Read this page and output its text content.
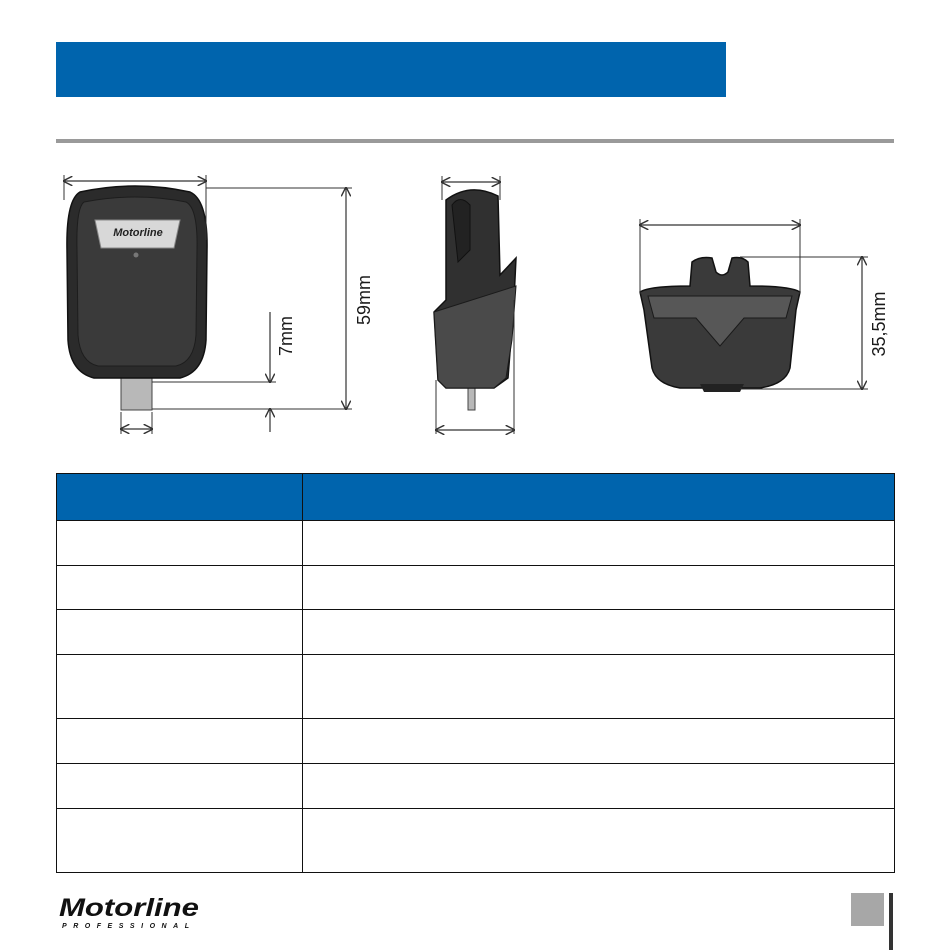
Motorline
59mm
7mm	35,5mm

Motorline
PROFESSIONAL
